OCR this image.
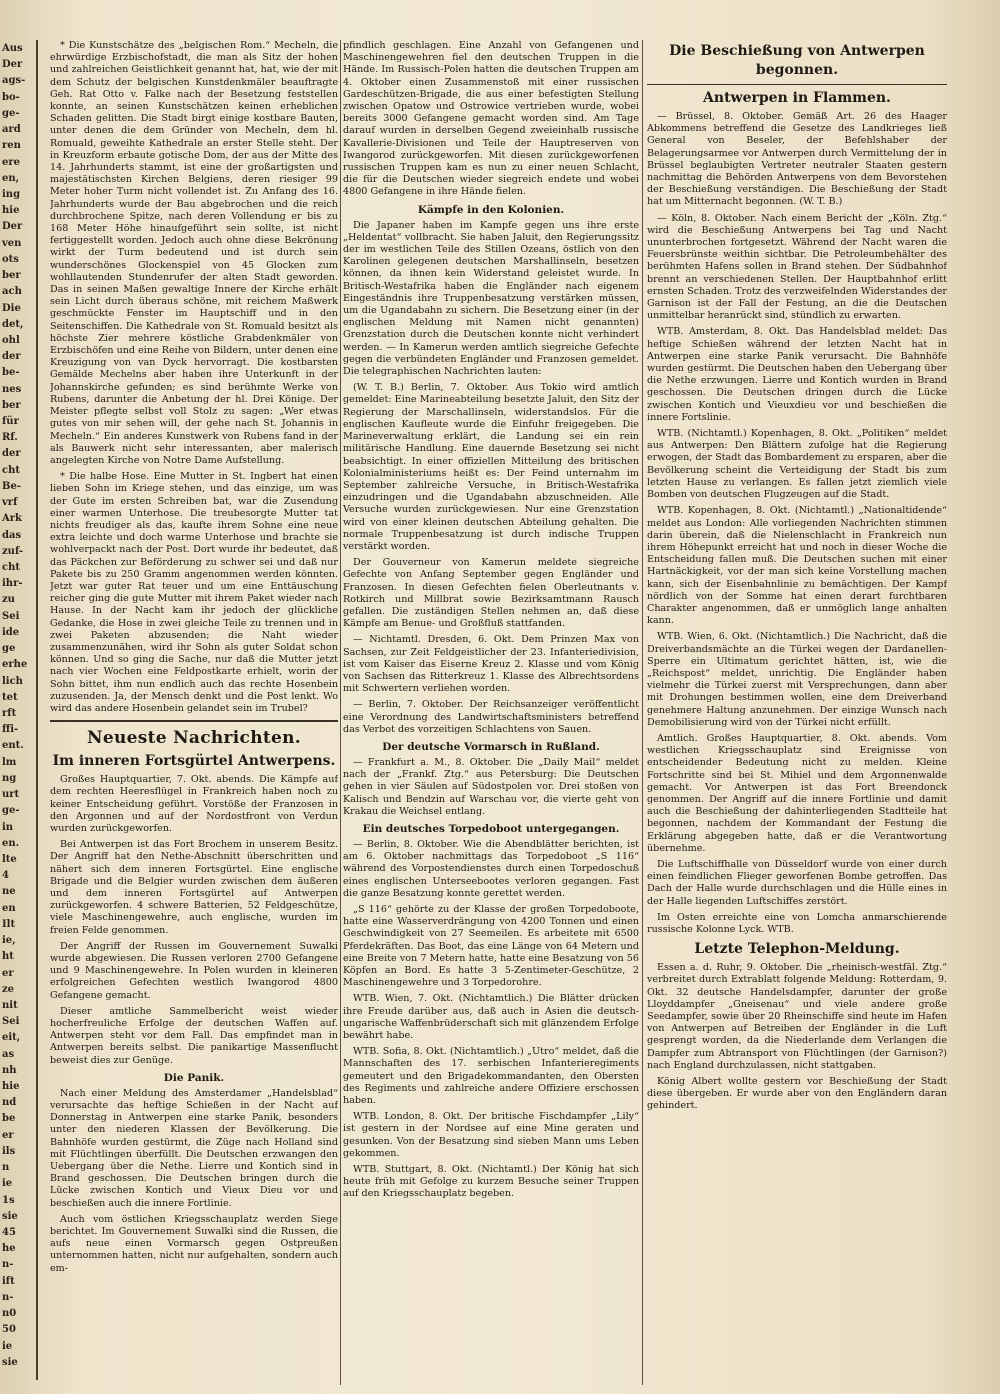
Aus
Der
ags-
bo-
ge-
ard
ren
ere
en,
ing
hie
Der
ven
ots
ber
ach
Die
det,
ohl
der
be-
nes
ber
für
Rf.
der
cht
Be-
vrf
Ark
das
zuf-
cht
ihr-
zu
Sei
ide
ge
erhe
lich
tet
rft
ffi-
ent.
lm
ng
urt
ge-
in
en.
lte
4
ne
en
Ilt
ie,
ht
er
ze
nit
Sei
eit,
as
nh
hie
nd
be
er
ils
n
ie
1s
sie
45
he
n-
ift
n-
n0
50
ie
sie

* Die Kunstschätze des „belgischen Rom.“ Mecheln, die ehrwürdige Erzbischofstadt, die man als Sitz der hohen und zahlreichen Geistlichkeit genannt hat, hat, wie der mit dem Schutz der belgischen Kunstdenkmäler beauftragte Geh. Rat Otto v. Falke nach der Besetzung feststellen konnte, an seinen Kunstschätzen keinen erheblichen Schaden gelitten. Die Stadt birgt einige kostbare Bauten, unter denen die dem Gründer von Mecheln, dem hl. Romuald, geweihte Kathedrale an erster Stelle steht. Der in Kreuzform erbaute gotische Dom, der aus der Mitte des 14. Jahrhunderts stammt, ist eine der großartigsten und majestätischsten Kirchen Belgiens, deren riesiger 99 Meter hoher Turm nicht vollendet ist. Zu Anfang des 16. Jahrhunderts wurde der Bau abgebrochen und die reich durchbrochene Spitze, nach deren Vollendung er bis zu 168 Meter Höhe hinaufgeführt sein sollte, ist nicht fertiggestellt worden. Jedoch auch ohne diese Bekrönung wirkt der Turm bedeutend und ist durch sein wunderschönes Glockenspiel von 45 Glocken zum wohllautenden Stundenrufer der alten Stadt geworden. Das in seinen Maßen gewaltige Innere der Kirche erhält sein Licht durch überaus schöne, mit reichem Maßwerk geschmückte Fenster im Hauptschiff und in den Seitenschiffen. Die Kathedrale von St. Romuald besitzt als höchste Zier mehrere köstliche Grabdenkmäler von Erzbischöfen und eine Reihe von Bildern, unter denen eine Kreuzigung von van Dyck hervorragt. Die kostbarsten Gemälde Mechelns aber haben ihre Unterkunft in der Johannskirche gefunden; es sind berühmte Werke von Rubens, darunter die Anbetung der hl. Drei Könige. Der Meister pflegte selbst voll Stolz zu sagen: „Wer etwas gutes von mir sehen will, der gehe nach St. Johannis in Mecheln.“ Ein anderes Kunstwerk von Rubens fand in der als Bauwerk nicht sehr interessanten, aber malerisch angelegten Kirche von Notre Dame Aufstellung.

* Die halbe Hose. Eine Mutter in St. Ingbert hat einen lieben Sohn im Kriege stehen, und das einzige, um was der Gute im ersten Schreiben bat, war die Zusendung einer warmen Unterhose. Die treubesorgte Mutter tat nichts freudiger als das, kaufte ihrem Sohne eine neue extra leichte und doch warme Unterhose und brachte sie wohlverpackt nach der Post. Dort wurde ihr bedeutet, daß das Päckchen zur Beförderung zu schwer sei und daß nur Pakete bis zu 250 Gramm angenommen werden könnten. Jetzt war guter Rat teuer und um eine Enttäuschung reicher ging die gute Mutter mit ihrem Paket wieder nach Hause. In der Nacht kam ihr jedoch der glückliche Gedanke, die Hose in zwei gleiche Teile zu trennen und in zwei Paketen abzusenden; die Naht wieder zusammenzunähen, wird ihr Sohn als guter Soldat schon können. Und so ging die Sache, nur daß die Mutter jetzt nach vier Wochen eine Feldpostkarte erhielt, worin der Sohn bittet, ihm nun endlich auch das rechte Hosenbein zuzusenden. Ja, der Mensch denkt und die Post lenkt. Wo wird das andere Hosenbein gelandet sein im Trubel?

Neueste Nachrichten.
Im inneren Fortsgürtel Antwerpens.

Großes Hauptquartier, 7. Okt. abends. Die Kämpfe auf dem rechten Heeresflügel in Frankreich haben noch zu keiner Entscheidung geführt. Vorstöße der Franzosen in den Argonnen und auf der Nordostfront von Verdun wurden zurückgeworfen.

Bei Antwerpen ist das Fort Brochem in unserem Besitz. Der Angriff hat den Nethe-Abschnitt überschritten und nähert sich dem inneren Fortsgürtel. Eine englische Brigade und die Belgier wurden zwischen dem äußeren und dem inneren Fortsgürtel auf Antwerpen zurückgeworfen. 4 schwere Batterien, 52 Feldgeschütze, viele Maschinengewehre, auch englische, wurden im freien Felde genommen.

Der Angriff der Russen im Gouvernement Suwalki wurde abgewiesen. Die Russen verloren 2700 Gefangene und 9 Maschinengewehre. In Polen wurden in kleineren erfolgreichen Gefechten westlich Iwangorod 4800 Gefangene gemacht.

Dieser amtliche Sammelbericht weist wieder hocherfreuliche Erfolge der deutschen Waffen auf. Antwerpen steht vor dem Fall. Das empfindet man in Antwerpen bereits selbst. Die panikartige Massenflucht beweist dies zur Genüge.

Die Panik.

Nach einer Meldung des Amsterdamer „Handelsblad“ verursachte das heftige Schießen in der Nacht auf Donnerstag in Antwerpen eine starke Panik, besonders unter den niederen Klassen der Bevölkerung. Die Bahnhöfe wurden gestürmt, die Züge nach Holland sind mit Flüchtlingen überfüllt. Die Deutschen erzwangen den Uebergang über die Nethe. Lierre und Kontich sind in Brand geschossen. Die Deutschen bringen durch die Lücke zwischen Kontich und Vieux Dieu vor und beschießen auch die innere Fortlinie.

Auch vom östlichen Kriegsschauplatz werden Siege berichtet. Im Gouvernement Suwalki sind die Russen, die aufs neue einen Vormarsch gegen Ostpreußen unternommen hatten, nicht nur aufgehalten, sondern auch em-

pfindlich geschlagen. Eine Anzahl von Gefangenen und Maschinengewehren fiel den deutschen Truppen in die Hände. Im Russisch-Polen hatten die deutschen Truppen am 4. Oktober einen Zusammenstoß mit einer russischen Gardeschützen-Brigade, die aus einer befestigten Stellung zwischen Opatow und Ostrowice vertrieben wurde, wobei bereits 3000 Gefangene gemacht worden sind. Am Tage darauf wurden in derselben Gegend zweieinhalb russische Kavallerie-Divisionen und Teile der Hauptreserven von Iwangorod zurückgeworfen. Mit diesen zurückgeworfenen russischen Truppen kam es nun zu einer neuen Schlacht, die für die Deutschen wieder siegreich endete und wobei 4800 Gefangene in ihre Hände fielen.

Kämpfe in den Kolonien.

Die Japaner haben im Kampfe gegen uns ihre erste „Heldentat“ vollbracht. Sie haben Jaluit, den Regierungssitz der im westlichen Teile des Stillen Ozeans, östlich von den Karolinen gelegenen deutschen Marshallinseln, besetzen können, da ihnen kein Widerstand geleistet wurde. In Britisch-Westafrika haben die Engländer nach eigenem Eingeständnis ihre Truppenbesatzung verstärken müssen, um die Ugandabahn zu sichern. Die Besetzung einer (in der englischen Meldung mit Namen nicht genannten) Grenzstation durch die Deutschen konnte nicht verhindert werden. — In Kamerun werden amtlich siegreiche Gefechte gegen die verbündeten Engländer und Franzosen gemeldet. Die telegraphischen Nachrichten lauten:

(W. T. B.) Berlin, 7. Oktober. Aus Tokio wird amtlich gemeldet: Eine Marineabteilung besetzte Jaluit, den Sitz der Regierung der Marschallinseln, widerstandslos. Für die englischen Kaufleute wurde die Einfuhr freigegeben. Die Marineverwaltung erklärt, die Landung sei ein rein militärische Handlung. Eine dauernde Besetzung sei nicht beabsichtigt. In einer offiziellen Mitteilung des britischen Kolonialministeriums heißt es: Der Feind unternahm im September zahlreiche Versuche, in Britisch-Westafrika einzudringen und die Ugandabahn abzuschneiden. Alle Versuche wurden zurückgewiesen. Nur eine Grenzstation wird von einer kleinen deutschen Abteilung gehalten. Die normale Truppenbesatzung ist durch indische Truppen verstärkt worden.

Der Gouverneur von Kamerun meldete siegreiche Gefechte von Anfang September gegen Engländer und Franzosen. In diesen Gefechten fielen Oberleutnants v. Rotkirch und Millbrat sowie Bezirksamtmann Rausch gefallen. Die zuständigen Stellen nehmen an, daß diese Kämpfe am Benue- und Großfluß stattfanden.

— Nichtamtl. Dresden, 6. Okt. Dem Prinzen Max von Sachsen, zur Zeit Feldgeistlicher der 23. Infanteriedivision, ist vom Kaiser das Eiserne Kreuz 2. Klasse und vom König von Sachsen das Ritterkreuz 1. Klasse des Albrechtsordens mit Schwertern verliehen worden.

— Berlin, 7. Oktober. Der Reichsanzeiger veröffentlicht eine Verordnung des Landwirtschaftsministers betreffend das Verbot des vorzeitigen Schlachtens von Sauen.

Der deutsche Vormarsch in Rußland.

— Frankfurt a. M., 8. Oktober. Die „Daily Mail“ meldet nach der „Frankf. Ztg.“ aus Petersburg: Die Deutschen gehen in vier Säulen auf Südostpolen vor. Drei stoßen von Kalisch und Bendzin auf Warschau vor, die vierte geht von Krakau die Weichsel entlang.

Ein deutsches Torpedoboot untergegangen.

— Berlin, 8. Oktober. Wie die Abendblätter berichten, ist am 6. Oktober nachmittags das Torpedoboot „S 116“ während des Vorpostendienstes durch einen Torpedoschuß eines englischen Unterseebootes verloren gegangen. Fast die ganze Besatzung konnte gerettet werden.

„S 116“ gehörte zu der Klasse der großen Torpedoboote, hatte eine Wasserverdrängung von 4200 Tonnen und einen Geschwindigkeit von 27 Seemeilen. Es arbeitete mit 6500 Pferdekräften. Das Boot, das eine Länge von 64 Metern und eine Breite von 7 Metern hatte, hatte eine Besatzung von 56 Köpfen an Bord. Es hatte 3 5-Zentimeter-Geschütze, 2 Maschinengewehre und 3 Torpedorohre.

WTB. Wien, 7. Okt. (Nichtamtlich.) Die Blätter drücken ihre Freude darüber aus, daß auch in Asien die deutsch-ungarische Waffenbrüderschaft sich mit glänzendem Erfolge bewährt habe.

WTB. Sofia, 8. Okt. (Nichtamtlich.) „Utro“ meldet, daß die Mannschaften des 17. serbischen Infanterieregiments gemeutert und den Brigadekommandanten, den Obersten des Regiments und zahlreiche andere Offiziere erschossen haben.

WTB. London, 8. Okt. Der britische Fischdampfer „Lily“ ist gestern in der Nordsee auf eine Mine geraten und gesunken. Von der Besatzung sind sieben Mann ums Leben gekommen.

WTB. Stuttgart, 8. Okt. (Nichtamtl.) Der König hat sich heute früh mit Gefolge zu kurzem Besuche seiner Truppen auf den Kriegsschauplatz begeben.

Die Beschießung von Antwerpen begonnen.
Antwerpen in Flammen.

— Brüssel, 8. Oktober. Gemäß Art. 26 des Haager Abkommens betreffend die Gesetze des Landkrieges ließ General von Beseler, der Befehlshaber der Belagerungsarmee vor Antwerpen durch Vermittelung der in Brüssel beglaubigten Vertreter neutraler Staaten gestern nachmittag die Behörden Antwerpens von dem Bevorstehen der Beschießung verständigen. Die Beschießung der Stadt hat um Mitternacht begonnen. (W. T. B.)

— Köln, 8. Oktober. Nach einem Bericht der „Köln. Ztg.“ wird die Beschießung Antwerpens bei Tag und Nacht ununterbrochen fortgesetzt. Während der Nacht waren die Feuersbrünste weithin sichtbar. Die Petroleumbehälter des berühmten Hafens sollen in Brand stehen. Der Südbahnhof brennt an verschiedenen Stellen. Der Hauptbahnhof erlitt ernsten Schaden. Trotz des verzweifelnden Widerstandes der Garnison ist der Fall der Festung, an die die Deutschen unmittelbar heranrückt sind, stündlich zu erwarten.

WTB. Amsterdam, 8. Okt. Das Handelsblad meldet: Das heftige Schießen während der letzten Nacht hat in Antwerpen eine starke Panik verursacht. Die Bahnhöfe wurden gestürmt. Die Deutschen haben den Uebergang über die Nethe erzwungen. Lierre und Kontich wurden in Brand geschossen. Die Deutschen dringen durch die Lücke zwischen Kontich und Vieuxdieu vor und beschießen die innere Fortslinie.

WTB. (Nichtamtl.) Kopenhagen, 8. Okt. „Politiken“ meldet aus Antwerpen: Den Blättern zufolge hat die Regierung erwogen, der Stadt das Bombardement zu ersparen, aber die Bevölkerung scheint die Verteidigung der Stadt bis zum letzten Hause zu verlangen. Es fallen jetzt ziemlich viele Bomben von deutschen Flugzeugen auf die Stadt.

WTB. Kopenhagen, 8. Okt. (Nichtamtl.) „Nationaltidende“ meldet aus London: Alle vorliegenden Nachrichten stimmen darin überein, daß die Nielenschlacht in Frankreich nun ihrem Höhepunkt erreicht hat und noch in dieser Woche die Entscheidung fallen muß. Die Deutschen suchen mit einer Hartnäckigkeit, vor der man sich keine Vorstellung machen kann, sich der Eisenbahnlinie zu bemächtigen. Der Kampf nördlich von der Somme hat einen derart furchtbaren Charakter angenommen, daß er unmöglich lange anhalten kann.

WTB. Wien, 6. Okt. (Nichtamtlich.) Die Nachricht, daß die Dreiverbandsmächte an die Türkei wegen der Dardanellen-Sperre ein Ultimatum gerichtet hätten, ist, wie die „Reichspost“ meldet, unrichtig. Die Engländer haben vielmehr die Türkei zuerst mit Versprechungen, dann aber mit Drohungen bestimmen wollen, eine dem Dreiverband genehmere Haltung anzunehmen. Der einzige Wunsch nach Demobilisierung wird von der Türkei nicht erfüllt.

Amtlich. Großes Hauptquartier, 8. Okt. abends. Vom westlichen Kriegsschauplatz sind Ereignisse von entscheidender Bedeutung nicht zu melden. Kleine Fortschritte sind bei St. Mihiel und dem Argonnenwalde gemacht. Vor Antwerpen ist das Fort Breendonck genommen. Der Angriff auf die innere Fortlinie und damit auch die Beschießung der dahinterliegenden Stadtteile hat begonnen, nachdem der Kommandant der Festung die Erklärung abgegeben hatte, daß er die Verantwortung übernehme.

Die Luftschiffhalle von Düsseldorf wurde von einer durch einen feindlichen Flieger geworfenen Bombe getroffen. Das Dach der Halle wurde durchschlagen und die Hülle eines in der Halle liegenden Luftschiffes zerstört.

Im Osten erreichte eine von Lomcha anmarschierende russische Kolonne Lyck. WTB.

Letzte Telephon-Meldung.

Essen a. d. Ruhr, 9. Oktober. Die „rheinisch-westfäl. Ztg.“ verbreitet durch Extrablatt folgende Meldung: Rotterdam, 9. Okt. 32 deutsche Handelsdampfer, darunter der große Lloyddampfer „Gneisenau“ und viele andere große Seedampfer, sowie über 20 Rheinschiffe sind heute im Hafen von Antwerpen auf Betreiben der Engländer in die Luft gesprengt worden, da die Niederlande dem Verlangen die Dampfer zum Abtransport von Flüchtlingen (der Garnison?) nach England durchzulassen, nicht stattgaben.

König Albert wollte gestern vor Beschießung der Stadt diese übergeben. Er wurde aber von den Engländern daran gehindert.
